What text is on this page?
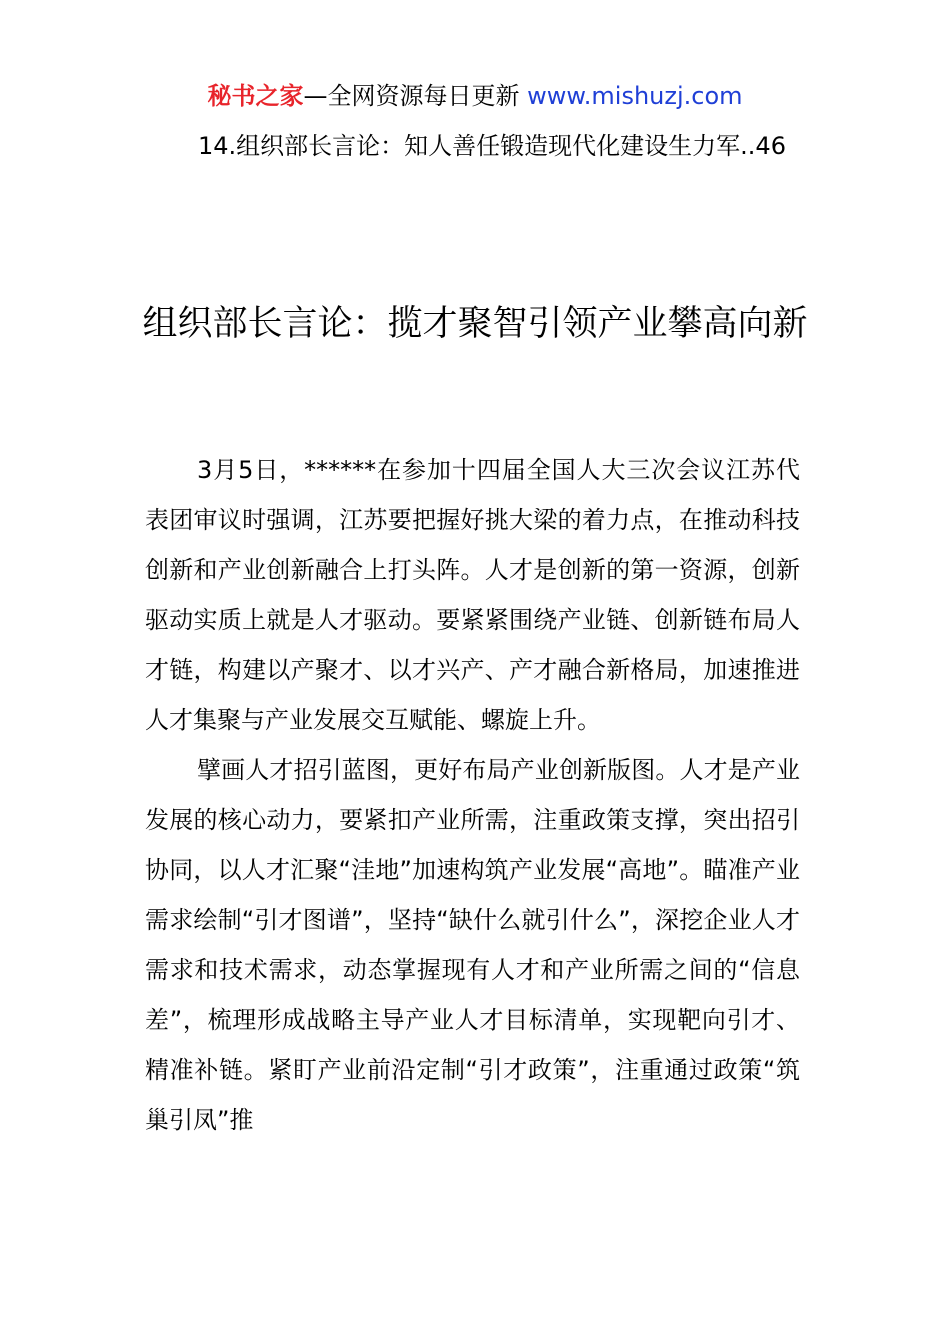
秘书之家—全网资源每日更新 www.mishuzj.com
14.组织部长言论：知人善任锻造现代化建设生力军..46
组织部长言论：揽才聚智引领产业攀高向新

3月5日，******在参加十四届全国人大三次会议江苏代表团审议时强调，江苏要把握好挑大梁的着力点，在推动科技创新和产业创新融合上打头阵。人才是创新的第一资源，创新驱动实质上就是人才驱动。要紧紧围绕产业链、创新链布局人才链，构建以产聚才、以才兴产、产才融合新格局，加速推进人才集聚与产业发展交互赋能、螺旋上升。

擘画人才招引蓝图，更好布局产业创新版图。人才是产业发展的核心动力，要紧扣产业所需，注重政策支撑，突出招引协同，以人才汇聚“洼地”加速构筑产业发展“高地”。瞄准产业需求绘制“引才图谱”，坚持“缺什么就引什么”，深挖企业人才需求和技术需求，动态掌握现有人才和产业所需之间的“信息差”，梳理形成战略主导产业人才目标清单，实现靶向引才、精准补链。紧盯产业前沿定制“引才政策”，注重通过政策“筑巢引凤”推
